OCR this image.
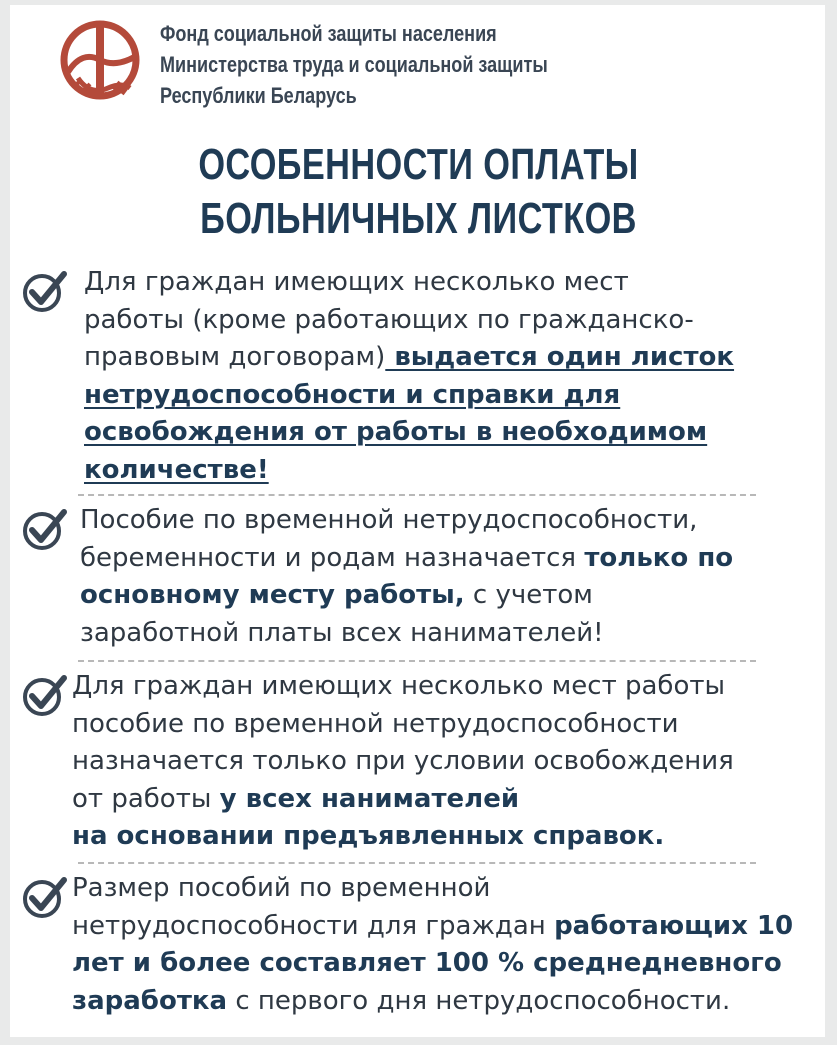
Фонд социальной защиты населения
Министерства труда и социальной защиты
Республики Беларусь
ОСОБЕННОСТИ ОПЛАТЫ
БОЛЬНИЧНЫХ ЛИСТКОВ
Для граждан имеющих несколько мест
работы (кроме работающих по гражданско-
правовым договорам) выдается один листок
нетрудоспособности и справки для
освобождения от работы в необходимом
количестве!
Пособие по временной нетрудоспособности,
беременности и родам назначается только по
основному месту работы, с учетом
заработной платы всех нанимателей!
Для граждан имеющих несколько мест работы
пособие по временной нетрудоспособности
назначается только при условии освобождения
от работы у всех нанимателей
на основании предъявленных справок.
Размер пособий по временной
нетрудоспособности для граждан работающих 10
лет и более составляет 100 % среднедневного
заработка с первого дня нетрудоспособности.
